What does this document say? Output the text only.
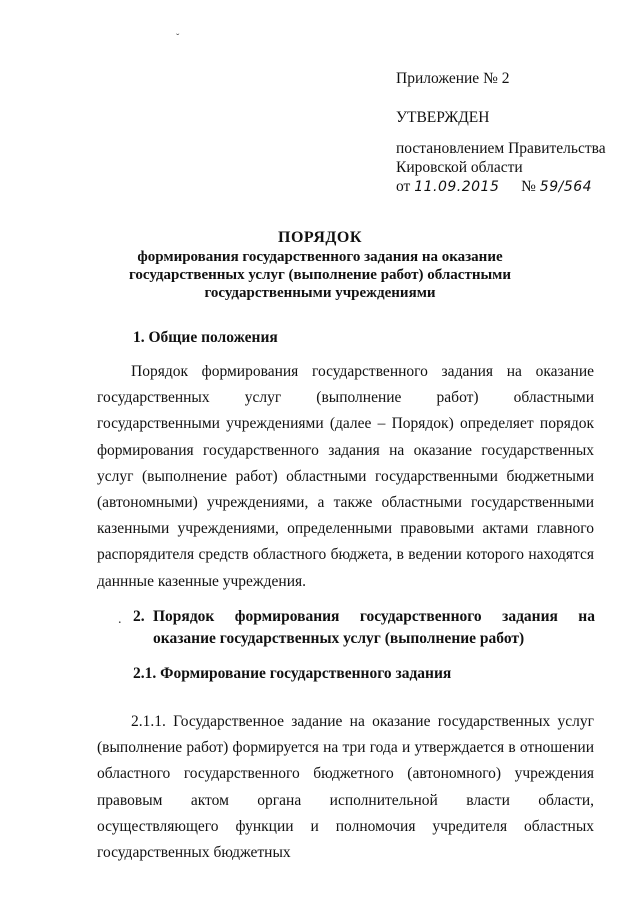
ˇ
Приложение № 2
УТВЕРЖДЕН
постановлением Правительства
Кировской области
от 11.09.2015 № 59/564
ПОРЯДОК
формирования государственного задания на оказание
государственных услуг (выполнение работ) областными
государственными учреждениями
1. Общие положения

Порядок формирования государственного задания на оказание государственных услуг (выполнение работ) областными государственными учреждениями (далее – Порядок) определяет порядок формирования государственного задания на оказание государственных услуг (выполнение работ) областными государственными бюджетными (автономными) учреждениями, а также областными государственными казенными учреждениями, определенными правовыми актами главного распорядителя средств областного бюджета, в ведении которого находятся даннные казенные учреждения.

. 2. Порядок формирования государственного задания на оказание государственных услуг (выполнение работ)
2.1. Формирование государственного задания

2.1.1. Государственное задание на оказание государственных услуг (выполнение работ) формируется на три года и утверждается в отношении областного государственного бюджетного (автономного) учреждения правовым актом органа исполнительной власти области, осуществляющего функции и полномочия учредителя областных государственных бюджетных
